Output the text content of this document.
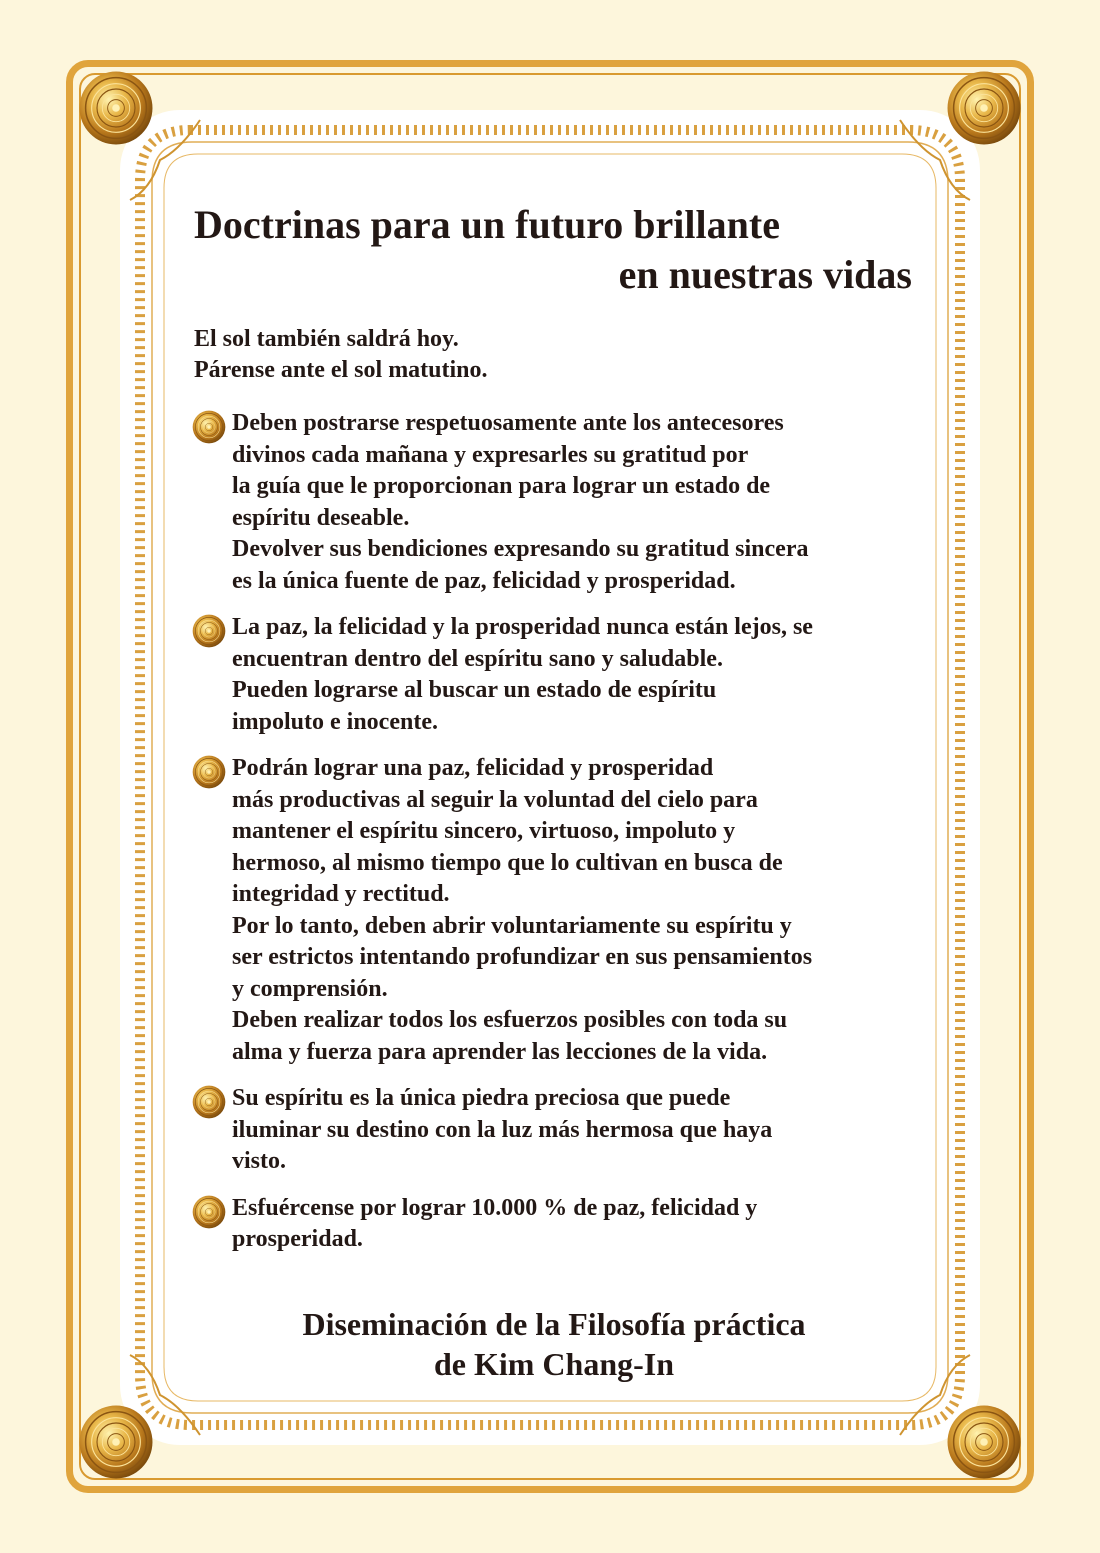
Doctrinas para un futuro brillante
en nuestras vidas
El sol también saldrá hoy.
Párense ante el sol matutino.
Deben postrarse respetuosamente ante los antecesores
divinos cada mañana y expresarles su gratitud por
la guía que le proporcionan para lograr un estado de
espíritu deseable.
Devolver sus bendiciones expresando su gratitud sincera
es la única fuente de paz, felicidad y prosperidad.
La paz, la felicidad y la prosperidad nunca están lejos, se
encuentran dentro del espíritu sano y saludable.
Pueden lograrse al buscar un estado de espíritu
impoluto e inocente.
Podrán lograr una paz, felicidad y prosperidad
más productivas al seguir la voluntad del cielo para
mantener el espíritu sincero, virtuoso, impoluto y
hermoso, al mismo tiempo que lo cultivan en busca de
integridad y rectitud.
Por lo tanto, deben abrir voluntariamente su espíritu y
ser estrictos intentando profundizar en sus pensamientos
y comprensión.
Deben realizar todos los esfuerzos posibles con toda su
alma y fuerza para aprender las lecciones de la vida.
Su espíritu es la única piedra preciosa que puede
iluminar su destino con la luz más hermosa que haya
visto.
Esfuércense por lograr 10.000 % de paz, felicidad y
prosperidad.
Diseminación de la Filosofía práctica
de Kim Chang-In
